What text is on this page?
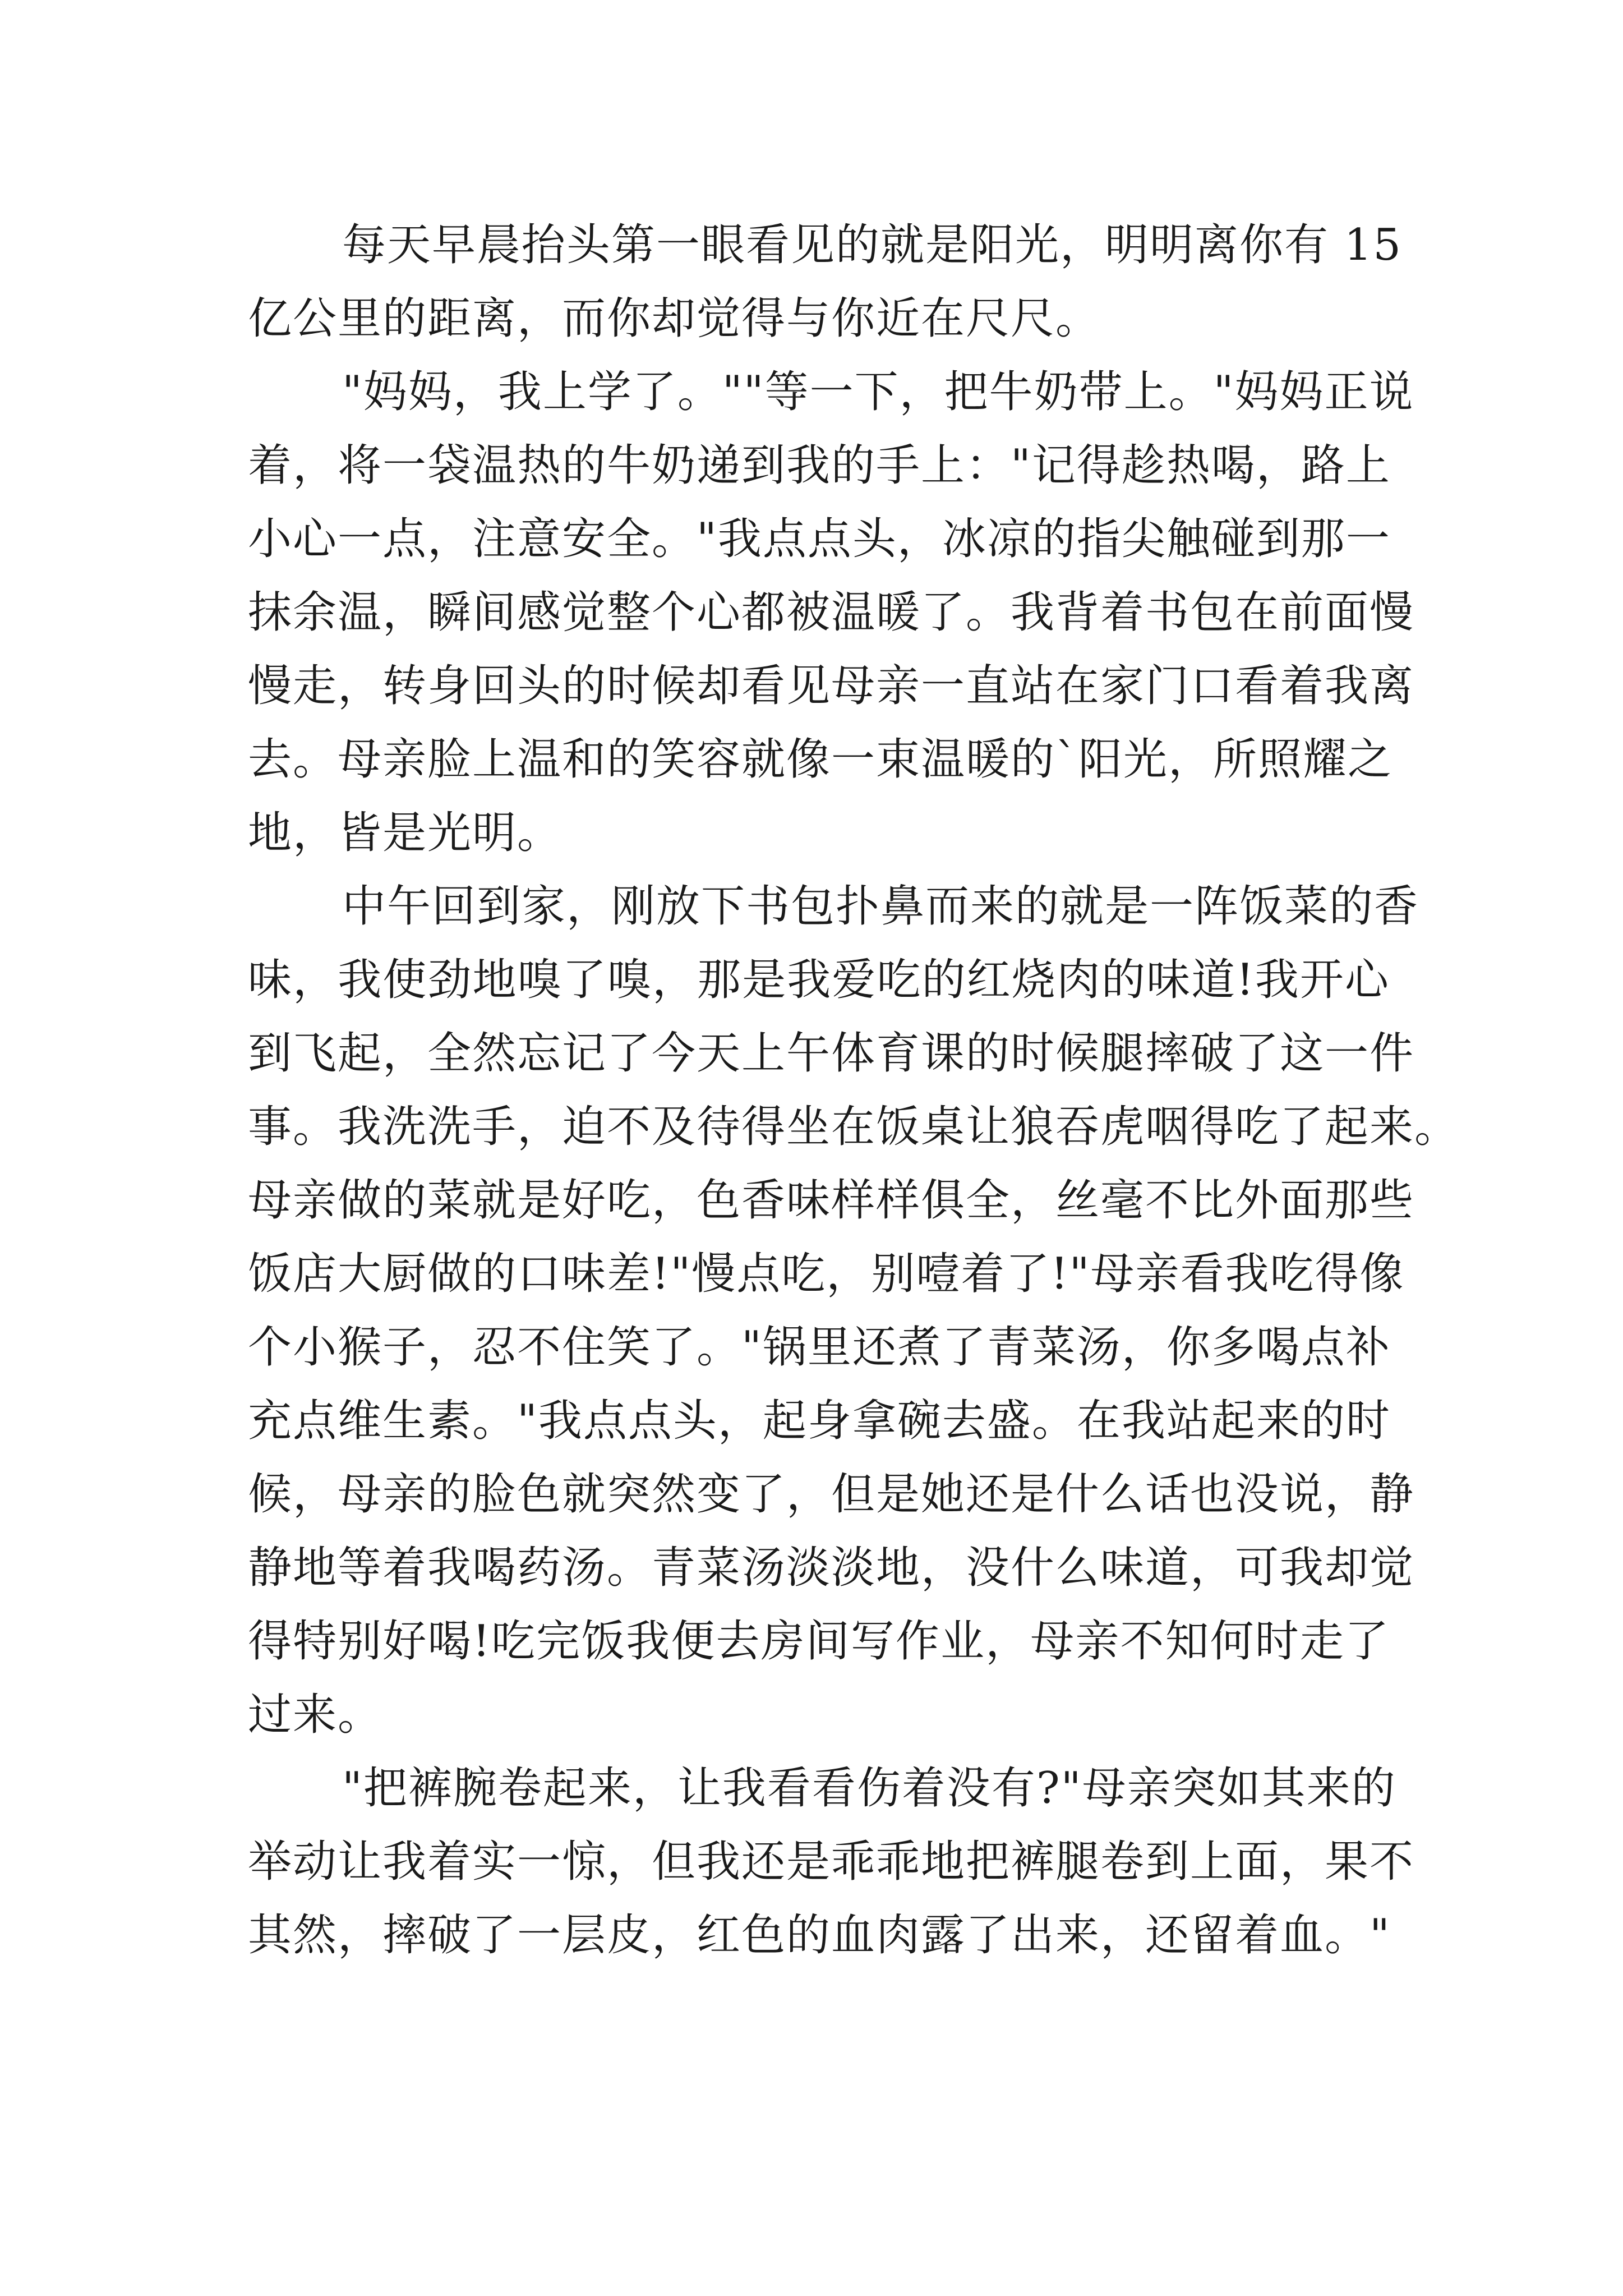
每天早晨抬头第一眼看见的就是阳光，明明离你有 15
亿公里的距离，而你却觉得与你近在尺尺。
"妈妈，我上学了。""等一下，把牛奶带上。"妈妈正说
着，将一袋温热的牛奶递到我的手上："记得趁热喝，路上
小心一点，注意安全。"我点点头，冰凉的指尖触碰到那一
抹余温，瞬间感觉整个心都被温暖了。我背着书包在前面慢
慢走，转身回头的时候却看见母亲一直站在家门口看着我离
去。母亲脸上温和的笑容就像一束温暖的`阳光，所照耀之
地，皆是光明。
中午回到家，刚放下书包扑鼻而来的就是一阵饭菜的香
味，我使劲地嗅了嗅，那是我爱吃的红烧肉的味道!我开心
到飞起，全然忘记了今天上午体育课的时候腿摔破了这一件
事。我洗洗手，迫不及待得坐在饭桌让狼吞虎咽得吃了起来。
母亲做的菜就是好吃，色香味样样俱全，丝毫不比外面那些
饭店大厨做的口味差!"慢点吃，别噎着了!"母亲看我吃得像
个小猴子，忍不住笑了。"锅里还煮了青菜汤，你多喝点补
充点维生素。"我点点头，起身拿碗去盛。在我站起来的时
候，母亲的脸色就突然变了，但是她还是什么话也没说，静
静地等着我喝药汤。青菜汤淡淡地，没什么味道，可我却觉
得特别好喝!吃完饭我便去房间写作业，母亲不知何时走了
过来。
"把裤腕卷起来，让我看看伤着没有?"母亲突如其来的
举动让我着实一惊，但我还是乖乖地把裤腿卷到上面，果不
其然，摔破了一层皮，红色的血肉露了出来，还留着血。"
